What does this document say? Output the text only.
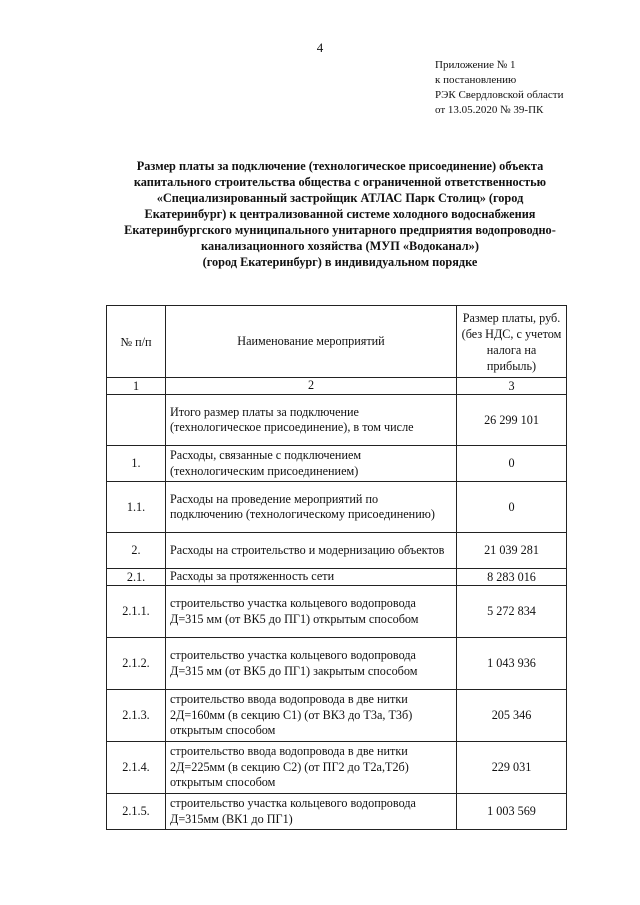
4
Приложение № 1
к постановлению
РЭК Свердловской области
от 13.05.2020 № 39-ПК
Размер платы за подключение (технологическое присоединение) объекта
капитального строительства общества с ограниченной ответственностью
«Специализированный застройщик АТЛАС Парк Столиц» (город
Екатеринбург) к централизованной системе холодного водоснабжения
Екатеринбургского муниципального унитарного предприятия водопроводно-
канализационного хозяйства (МУП «Водоканал»)
(город Екатеринбург) в индивидуальном порядке
№ п/п	Наименование мероприятий	Размер платы, руб. (без НДС, с учетом налога на прибыль)
1	2	3
	Итого размер платы за подключение (технологическое присоединение), в том числе	26 299 101
1.	Расходы, связанные с подключением (технологическим присоединением)	0
1.1.	Расходы на проведение мероприятий по подключению (технологическому присоединению)	0
2.	Расходы на строительство и модернизацию объектов	21 039 281
2.1.	Расходы за протяженность сети	8 283 016
2.1.1.	строительство участка кольцевого водопровода Д=315 мм (от ВК5 до ПГ1) открытым способом	5 272 834
2.1.2.	строительство участка кольцевого водопровода Д=315 мм (от ВК5 до ПГ1) закрытым способом	1 043 936
2.1.3.	строительство ввода водопровода в две нитки 2Д=160мм (в секцию С1) (от ВК3 до Т3а, Т3б) открытым способом	205 346
2.1.4.	строительство ввода водопровода в две нитки 2Д=225мм (в секцию С2) (от ПГ2 до Т2а,Т2б) открытым способом	229 031
2.1.5.	строительство участка кольцевого водопровода Д=315мм (ВК1 до ПГ1)	1 003 569
